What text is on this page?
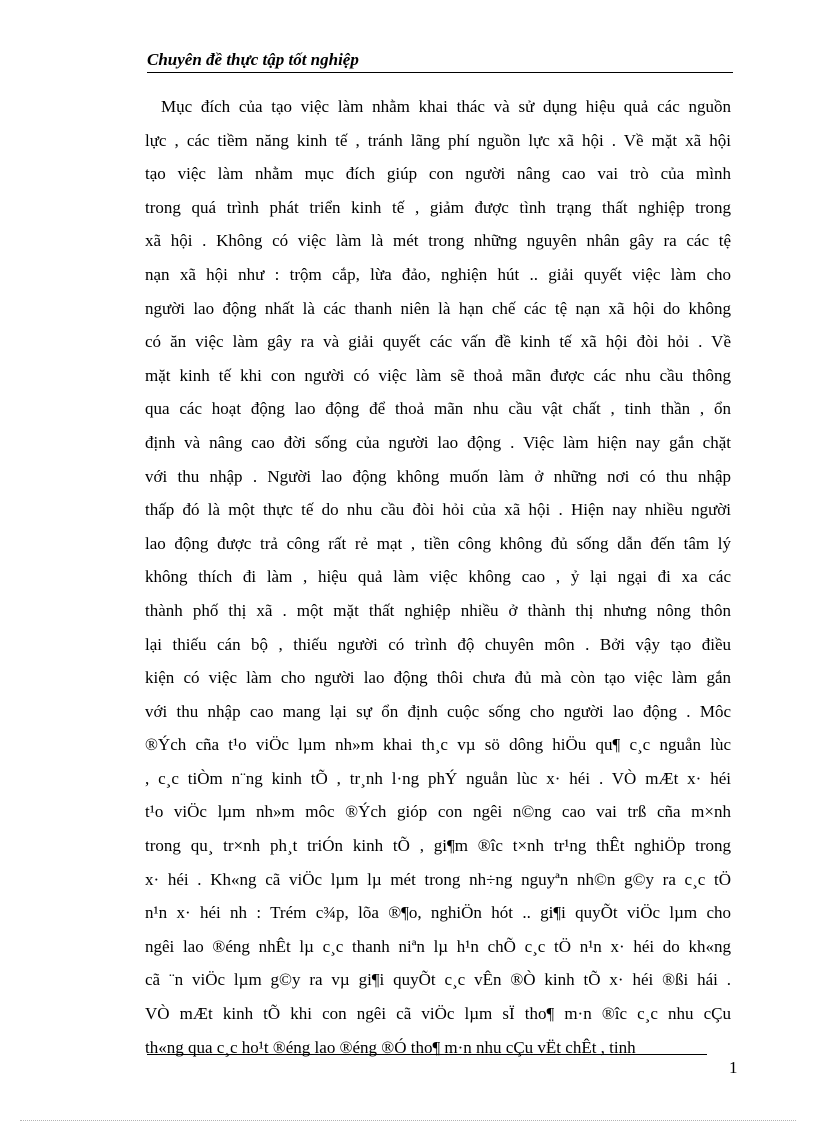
Chuyên đề thực tập tốt nghiệp
Mục đích của tạo việc làm nhằm khai thác và sử dụng hiệu quả các nguồn
lực , các tiềm năng kinh tế , tránh lãng phí nguồn lực xã hội . Về mặt xã hội
tạo việc làm nhằm mục đích giúp con người nâng cao vai trò của mình
trong quá trình phát triển kinh tế , giảm được tình trạng thất nghiệp trong
xã hội . Không có việc làm là mét trong những nguyên nhân gây ra các tệ
nạn xã hội như : trộm cắp, lừa đảo, nghiện hút .. giải quyết việc làm cho
người lao động nhất là các thanh niên là hạn chế các tệ nạn xã hội do không
có ăn việc làm gây ra và giải quyết các vấn đề kinh tế xã hội đòi hỏi . Về
mặt kinh tế khi con người có việc làm sẽ thoả mãn được các nhu cầu thông
qua các hoạt động lao động để thoả mãn nhu cầu vật chất , tinh thần , ổn
định và nâng cao đời sống của người lao động . Việc làm hiện nay gắn chặt
với thu nhập . Người lao động không muốn làm ở những nơi có thu nhập
thấp đó là một thực tế do nhu cầu đòi hỏi của xã hội . Hiện nay nhiều người
lao động được trả công rất rẻ mạt , tiền công không đủ sống dẫn đến tâm lý
không thích đi làm , hiệu quả làm việc không cao , ỷ lại ngại đi xa các
thành phố thị xã . một mặt thất nghiệp nhiều ở thành thị nhưng nông thôn
lại thiếu cán bộ , thiếu người có trình độ chuyên môn . Bởi vậy tạo điều
kiện có việc làm cho người lao động thôi chưa đủ mà còn tạo việc làm gắn
với thu nhập cao mang lại sự ổn định cuộc sống cho người lao động . Môc
®Ých cña t¹o viÖc lµm nh»m khai th¸c vµ sö dông hiÖu qu¶ c¸c nguån lùc
, c¸c tiÒm n¨ng kinh tÕ , tr¸nh l·ng phÝ nguån lùc x· héi . VÒ mÆt x· héi
t¹o viÖc lµm nh»m môc ®Ých gióp con ngêi n©ng cao vai trß cña m×nh
trong qu¸ tr×nh ph¸t triÓn kinh tÕ , gi¶m ®îc t×nh tr¹ng thÊt nghiÖp trong
x· héi . Kh«ng cã viÖc lµm lµ mét trong nh÷ng nguyªn nh©n g©y ra c¸c tÖ
n¹n x· héi nh : Trém c¾p, lõa ®¶o, nghiÖn hót .. gi¶i quyÕt viÖc lµm cho
ngêi lao ®éng nhÊt lµ c¸c thanh niªn lµ h¹n chÕ c¸c tÖ n¹n x· héi do kh«ng
cã ¨n viÖc lµm g©y ra vµ gi¶i quyÕt c¸c vÊn ®Ò kinh tÕ x· héi ®ßi hái .
VÒ mÆt kinh tÕ khi con ngêi cã viÖc lµm sÏ tho¶ m·n ®îc c¸c nhu cÇu
th«ng qua c¸c ho¹t ®éng lao ®éng ®Ó tho¶ m·n nhu cÇu vËt chÊt , tinh
1
